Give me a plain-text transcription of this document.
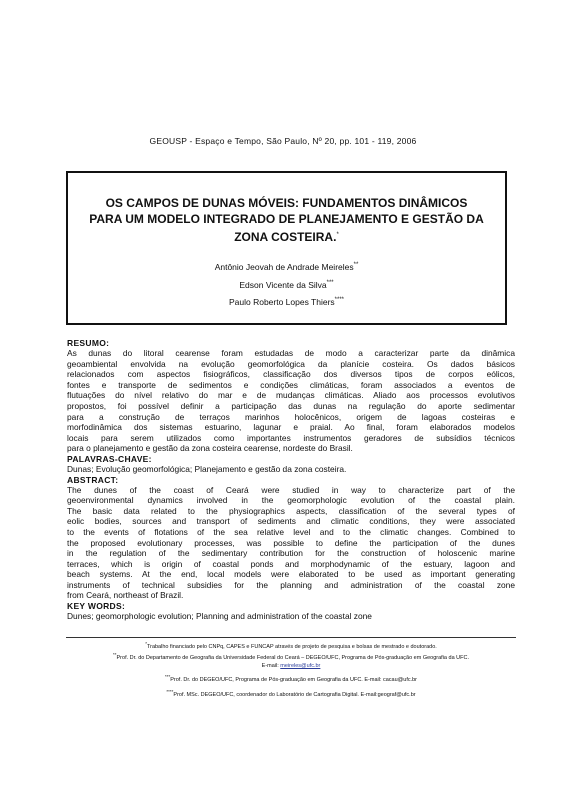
GEOUSP - Espaço e Tempo, São Paulo, Nº 20, pp. 101 - 119, 2006
OS CAMPOS DE DUNAS MÓVEIS: FUNDAMENTOS DINÂMICOS
PARA UM MODELO INTEGRADO DE PLANEJAMENTO E GESTÃO DA
ZONA COSTEIRA.*
Antônio Jeovah de Andrade Meireles**
Edson Vicente da Silva***
Paulo Roberto Lopes Thiers****
RESUMO:
As dunas do litoral cearense foram estudadas de modo a caracterizar parte da dinâmica
geoambiental envolvida na evolução geomorfológica da planície costeira. Os dados básicos
relacionados com aspectos fisiográficos, classificação dos diversos tipos de corpos eólicos,
fontes e transporte de sedimentos e condições climáticas, foram associados a eventos de
flutuações do nível relativo do mar e de mudanças climáticas. Aliado aos processos evolutivos
propostos, foi possível definir a participação das dunas na regulação do aporte sedimentar
para a construção de terraços marinhos holocênicos, origem de lagoas costeiras e
morfodinâmica dos sistemas estuarino, lagunar e praial. Ao final, foram elaborados modelos
locais para serem utilizados como importantes instrumentos geradores de subsídios técnicos
para o planejamento e gestão da zona costeira cearense, nordeste do Brasil.
PALAVRAS-CHAVE:
Dunas; Evolução geomorfológica; Planejamento e gestão da zona costeira.
ABSTRACT:
The dunes of the coast of Ceará were studied in way to characterize part of the
geoenvironmental dynamics involved in the geomorphologic evolution of the coastal plain.
The basic data related to the physiographics aspects, classification of the several types of
eolic bodies, sources and transport of sediments and climatic conditions, they were associated
to the events of flotations of the sea relative level and to the climatic changes. Combined to
the proposed evolutionary processes, was possible to define the participation of the dunes
in the regulation of the sedimentary contribution for the construction of holoscenic marine
terraces, which is origin of coastal ponds and morphodynamic of the estuary, lagoon and
beach systems. At the end, local models were elaborated to be used as important generating
instruments of technical subsidies for the planning and administration of the coastal zone
from Ceará, northeast of Brazil.
KEY WORDS:
Dunes; geomorphologic evolution; Planning and administration of the coastal zone
*Trabalho financiado pelo CNPq, CAPES e FUNCAP através de projeto de pesquisa e bolsas de mestrado e doutorado.
**Prof. Dr. do Departamento de Geografia da Universidade Federal do Ceará – DEGEO/UFC, Programa de Pós-graduação em Geografia da UFC.
E-mail: meireles@ufc.br
***Prof. Dr. do DEGEO/UFC, Programa de Pós-graduação em Geografia da UFC. E-mail: cacau@ufc.br
****Prof. MSc. DEGEO/UFC, coordenador do Laboratório de Cartografia Digital. E-mail:geograf@ufc.br
